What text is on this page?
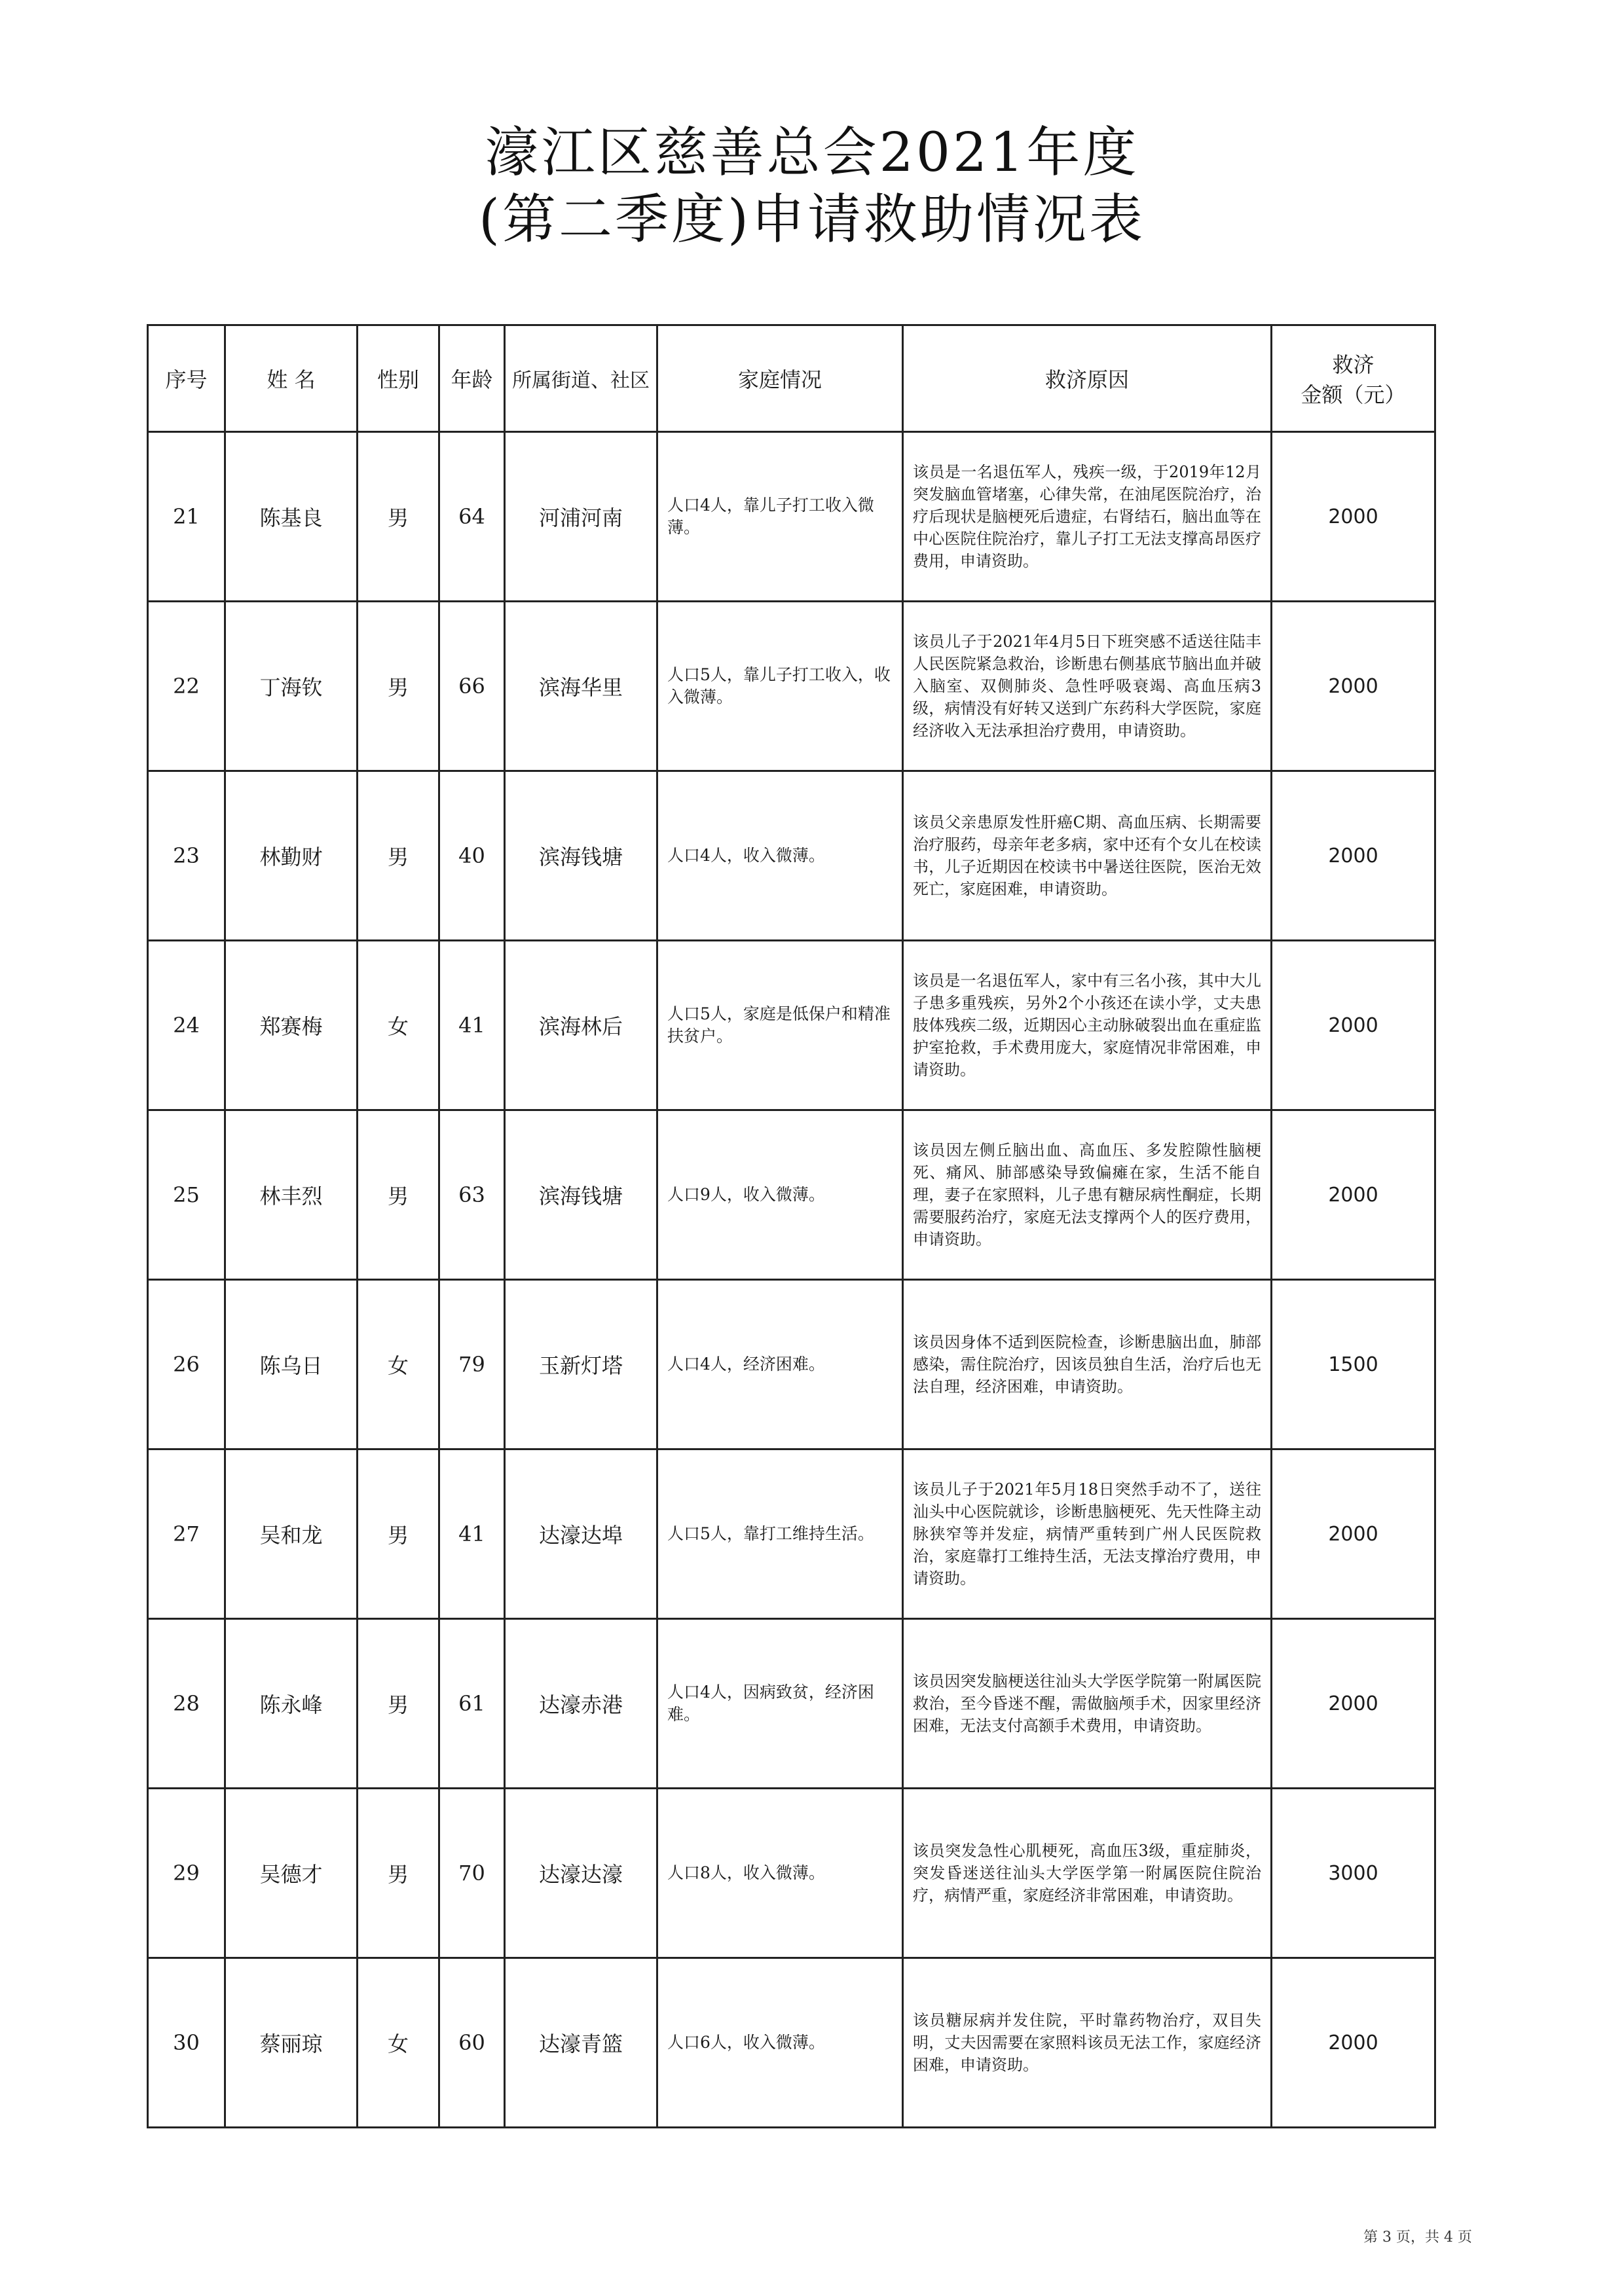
濠江区慈善总会2021年度
(第二季度)申请救助情况表
序号	姓 名	性别	年龄	所属街道、社区	家庭情况	救济原因	救济
金额（元）

21	陈基良	男	64	河浦河南	人口4人，靠儿子打工收入微薄。	该员是一名退伍军人，残疾一级，于2019年12月突发脑血管堵塞，心律失常，在油尾医院治疗，治疗后现状是脑梗死后遗症，右肾结石，脑出血等在中心医院住院治疗，靠儿子打工无法支撑高昂医疗费用，申请资助。	2000
22	丁海钦	男	66	滨海华里	人口5人，靠儿子打工收入，收入微薄。	该员儿子于2021年4月5日下班突感不适送往陆丰人民医院紧急救治，诊断患右侧基底节脑出血并破入脑室、双侧肺炎、急性呼吸衰竭、高血压病3级，病情没有好转又送到广东药科大学医院，家庭经济收入无法承担治疗费用，申请资助。	2000
23	林勤财	男	40	滨海钱塘	人口4人，收入微薄。	该员父亲患原发性肝癌C期、高血压病、长期需要治疗服药，母亲年老多病，家中还有个女儿在校读书，儿子近期因在校读书中暑送往医院，医治无效死亡，家庭困难，申请资助。	2000
24	郑赛梅	女	41	滨海林后	人口5人，家庭是低保户和精准扶贫户。	该员是一名退伍军人，家中有三名小孩，其中大儿子患多重残疾，另外2个小孩还在读小学，丈夫患肢体残疾二级，近期因心主动脉破裂出血在重症监护室抢救，手术费用庞大，家庭情况非常困难，申请资助。	2000
25	林丰烈	男	63	滨海钱塘	人口9人，收入微薄。	该员因左侧丘脑出血、高血压、多发腔隙性脑梗死、痛风、肺部感染导致偏瘫在家，生活不能自理，妻子在家照料，儿子患有糖尿病性酮症，长期需要服药治疗，家庭无法支撑两个人的医疗费用，申请资助。	2000
26	陈乌日	女	79	玉新灯塔	人口4人，经济困难。	该员因身体不适到医院检查，诊断患脑出血，肺部感染，需住院治疗，因该员独自生活，治疗后也无法自理，经济困难，申请资助。	1500
27	吴和龙	男	41	达濠达埠	人口5人，靠打工维持生活。	该员儿子于2021年5月18日突然手动不了，送往汕头中心医院就诊，诊断患脑梗死、先天性降主动脉狭窄等并发症，病情严重转到广州人民医院救治，家庭靠打工维持生活，无法支撑治疗费用，申请资助。	2000
28	陈永峰	男	61	达濠赤港	人口4人，因病致贫，经济困难。	该员因突发脑梗送往汕头大学医学院第一附属医院救治，至今昏迷不醒，需做脑颅手术，因家里经济困难，无法支付高额手术费用，申请资助。	2000
29	吴德才	男	70	达濠达濠	人口8人，收入微薄。	该员突发急性心肌梗死，高血压3级，重症肺炎，突发昏迷送往汕头大学医学第一附属医院住院治疗，病情严重，家庭经济非常困难，申请资助。	3000
30	蔡丽琼	女	60	达濠青篮	人口6人，收入微薄。	该员糖尿病并发住院，平时靠药物治疗，双目失明，丈夫因需要在家照料该员无法工作，家庭经济困难，申请资助。	2000
第 3 页，共 4 页
